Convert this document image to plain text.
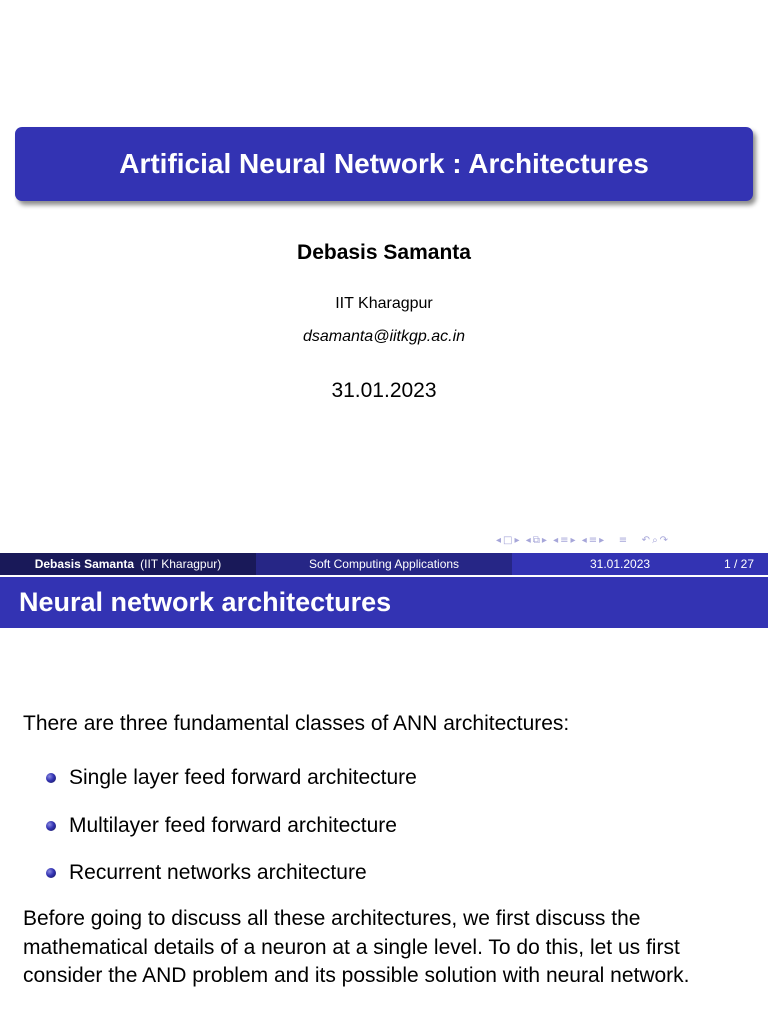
Artificial Neural Network : Architectures
Debasis Samanta
IIT Kharagpur
dsamanta@iitkgp.ac.in
31.01.2023
◂□▸ ◂⧉▸ ◂≡▸ ◂≡▸ ≡ ↶⌕↷
Debasis Samanta (IIT Kharagpur)	Soft Computing Applications	31.01.2023	1 / 27
Neural network architectures
There are three fundamental classes of ANN architectures:
Single layer feed forward architecture
Multilayer feed forward architecture
Recurrent networks architecture
Before going to discuss all these architectures, we first discuss the mathematical details of a neuron at a single level. To do this, let us first consider the AND problem and its possible solution with neural network.
